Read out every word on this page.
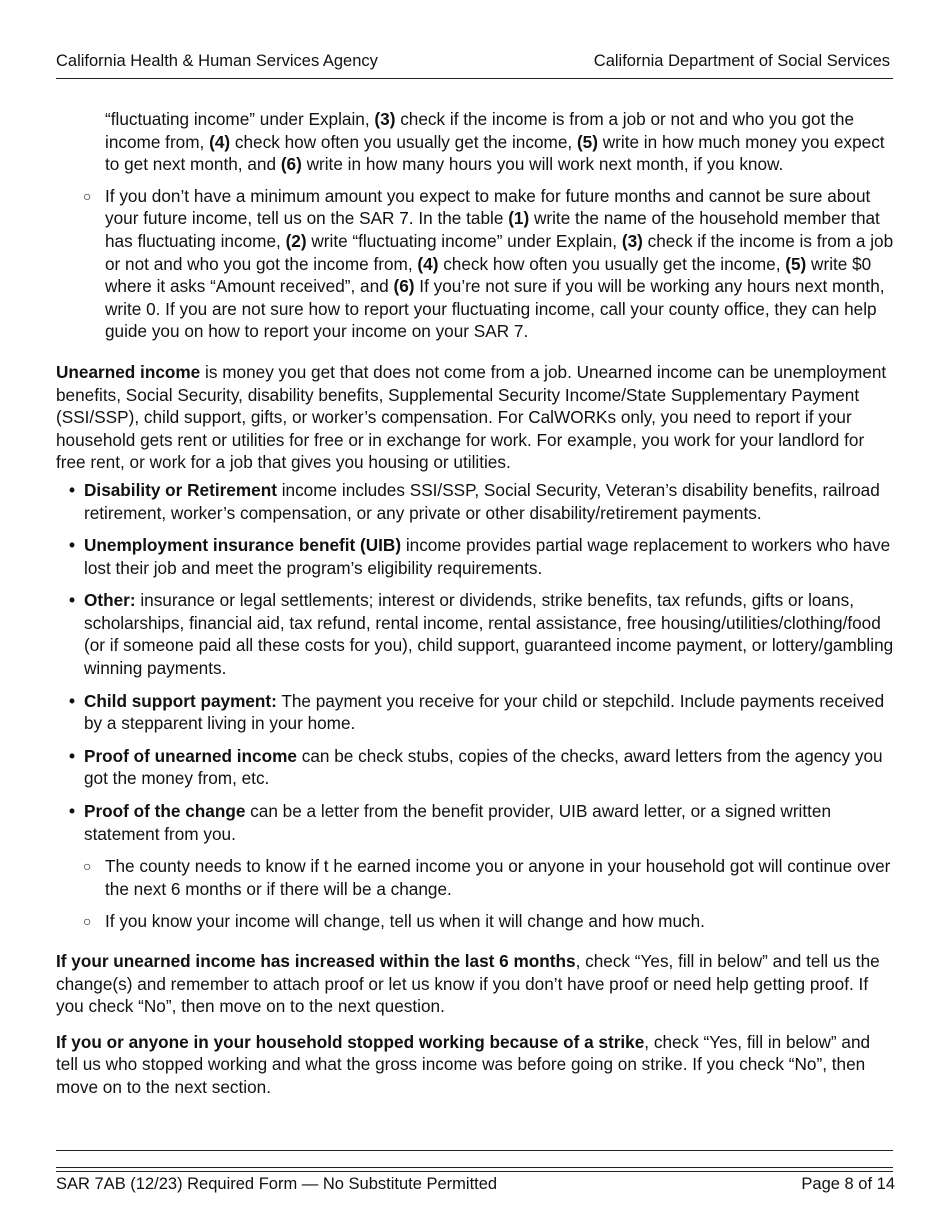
California Health & Human Services Agency	California Department of Social Services

“fluctuating income” under Explain, (3) check if the income is from a job or not and who you got the income from, (4) check how often you usually get the income, (5) write in how much money you expect to get next month, and (6) write in how many hours you will work next month, if you know.

○ If you don’t have a minimum amount you expect to make for future months and cannot be sure about your future income, tell us on the SAR 7. In the table (1) write the name of the household member that has fluctuating income, (2) write “fluctuating income” under Explain, (3) check if the income is from a job or not and who you got the income from, (4) check how often you usually get the income, (5) write $0 where it asks “Amount received”, and (6) If you’re not sure if you will be working any hours next month, write 0. If you are not sure how to report your fluctuating income, call your county office, they can help guide you on how to report your income on your SAR 7.

Unearned income is money you get that does not come from a job. Unearned income can be unemployment benefits, Social Security, disability benefits, Supplemental Security Income/State Supplementary Payment (SSI/SSP), child support, gifts, or worker’s compensation. For CalWORKs only, you need to report if your household gets rent or utilities for free or in exchange for work. For example, you work for your landlord for free rent, or work for a job that gives you housing or utilities.

• Disability or Retirement income includes SSI/SSP, Social Security, Veteran’s disability benefits, railroad retirement, worker’s compensation, or any private or other disability/retirement payments.

• Unemployment insurance benefit (UIB) income provides partial wage replacement to workers who have lost their job and meet the program’s eligibility requirements.

• Other: insurance or legal settlements; interest or dividends, strike benefits, tax refunds, gifts or loans, scholarships, financial aid, tax refund, rental income, rental assistance, free housing/utilities/clothing/food (or if someone paid all these costs for you), child support, guaranteed income payment, or lottery/gambling winning payments.

• Child support payment: The payment you receive for your child or stepchild. Include payments received by a stepparent living in your home.

• Proof of unearned income can be check stubs, copies of the checks, award letters from the agency you got the money from, etc.

• Proof of the change can be a letter from the benefit provider, UIB award letter, or a signed written statement from you.

○ The county needs to know if t he earned income you or anyone in your household got will continue over the next 6 months or if there will be a change.

○ If you know your income will change, tell us when it will change and how much.

If your unearned income has increased within the last 6 months, check “Yes, fill in below” and tell us the change(s) and remember to attach proof or let us know if you don’t have proof or need help getting proof. If you check “No”, then move on to the next question.

If you or anyone in your household stopped working because of a strike, check “Yes, fill in below” and tell us who stopped working and what the gross income was before going on strike. If you check “No”, then move on to the next section.

SAR 7AB (12/23) Required Form — No Substitute Permitted	Page 8 of 14
